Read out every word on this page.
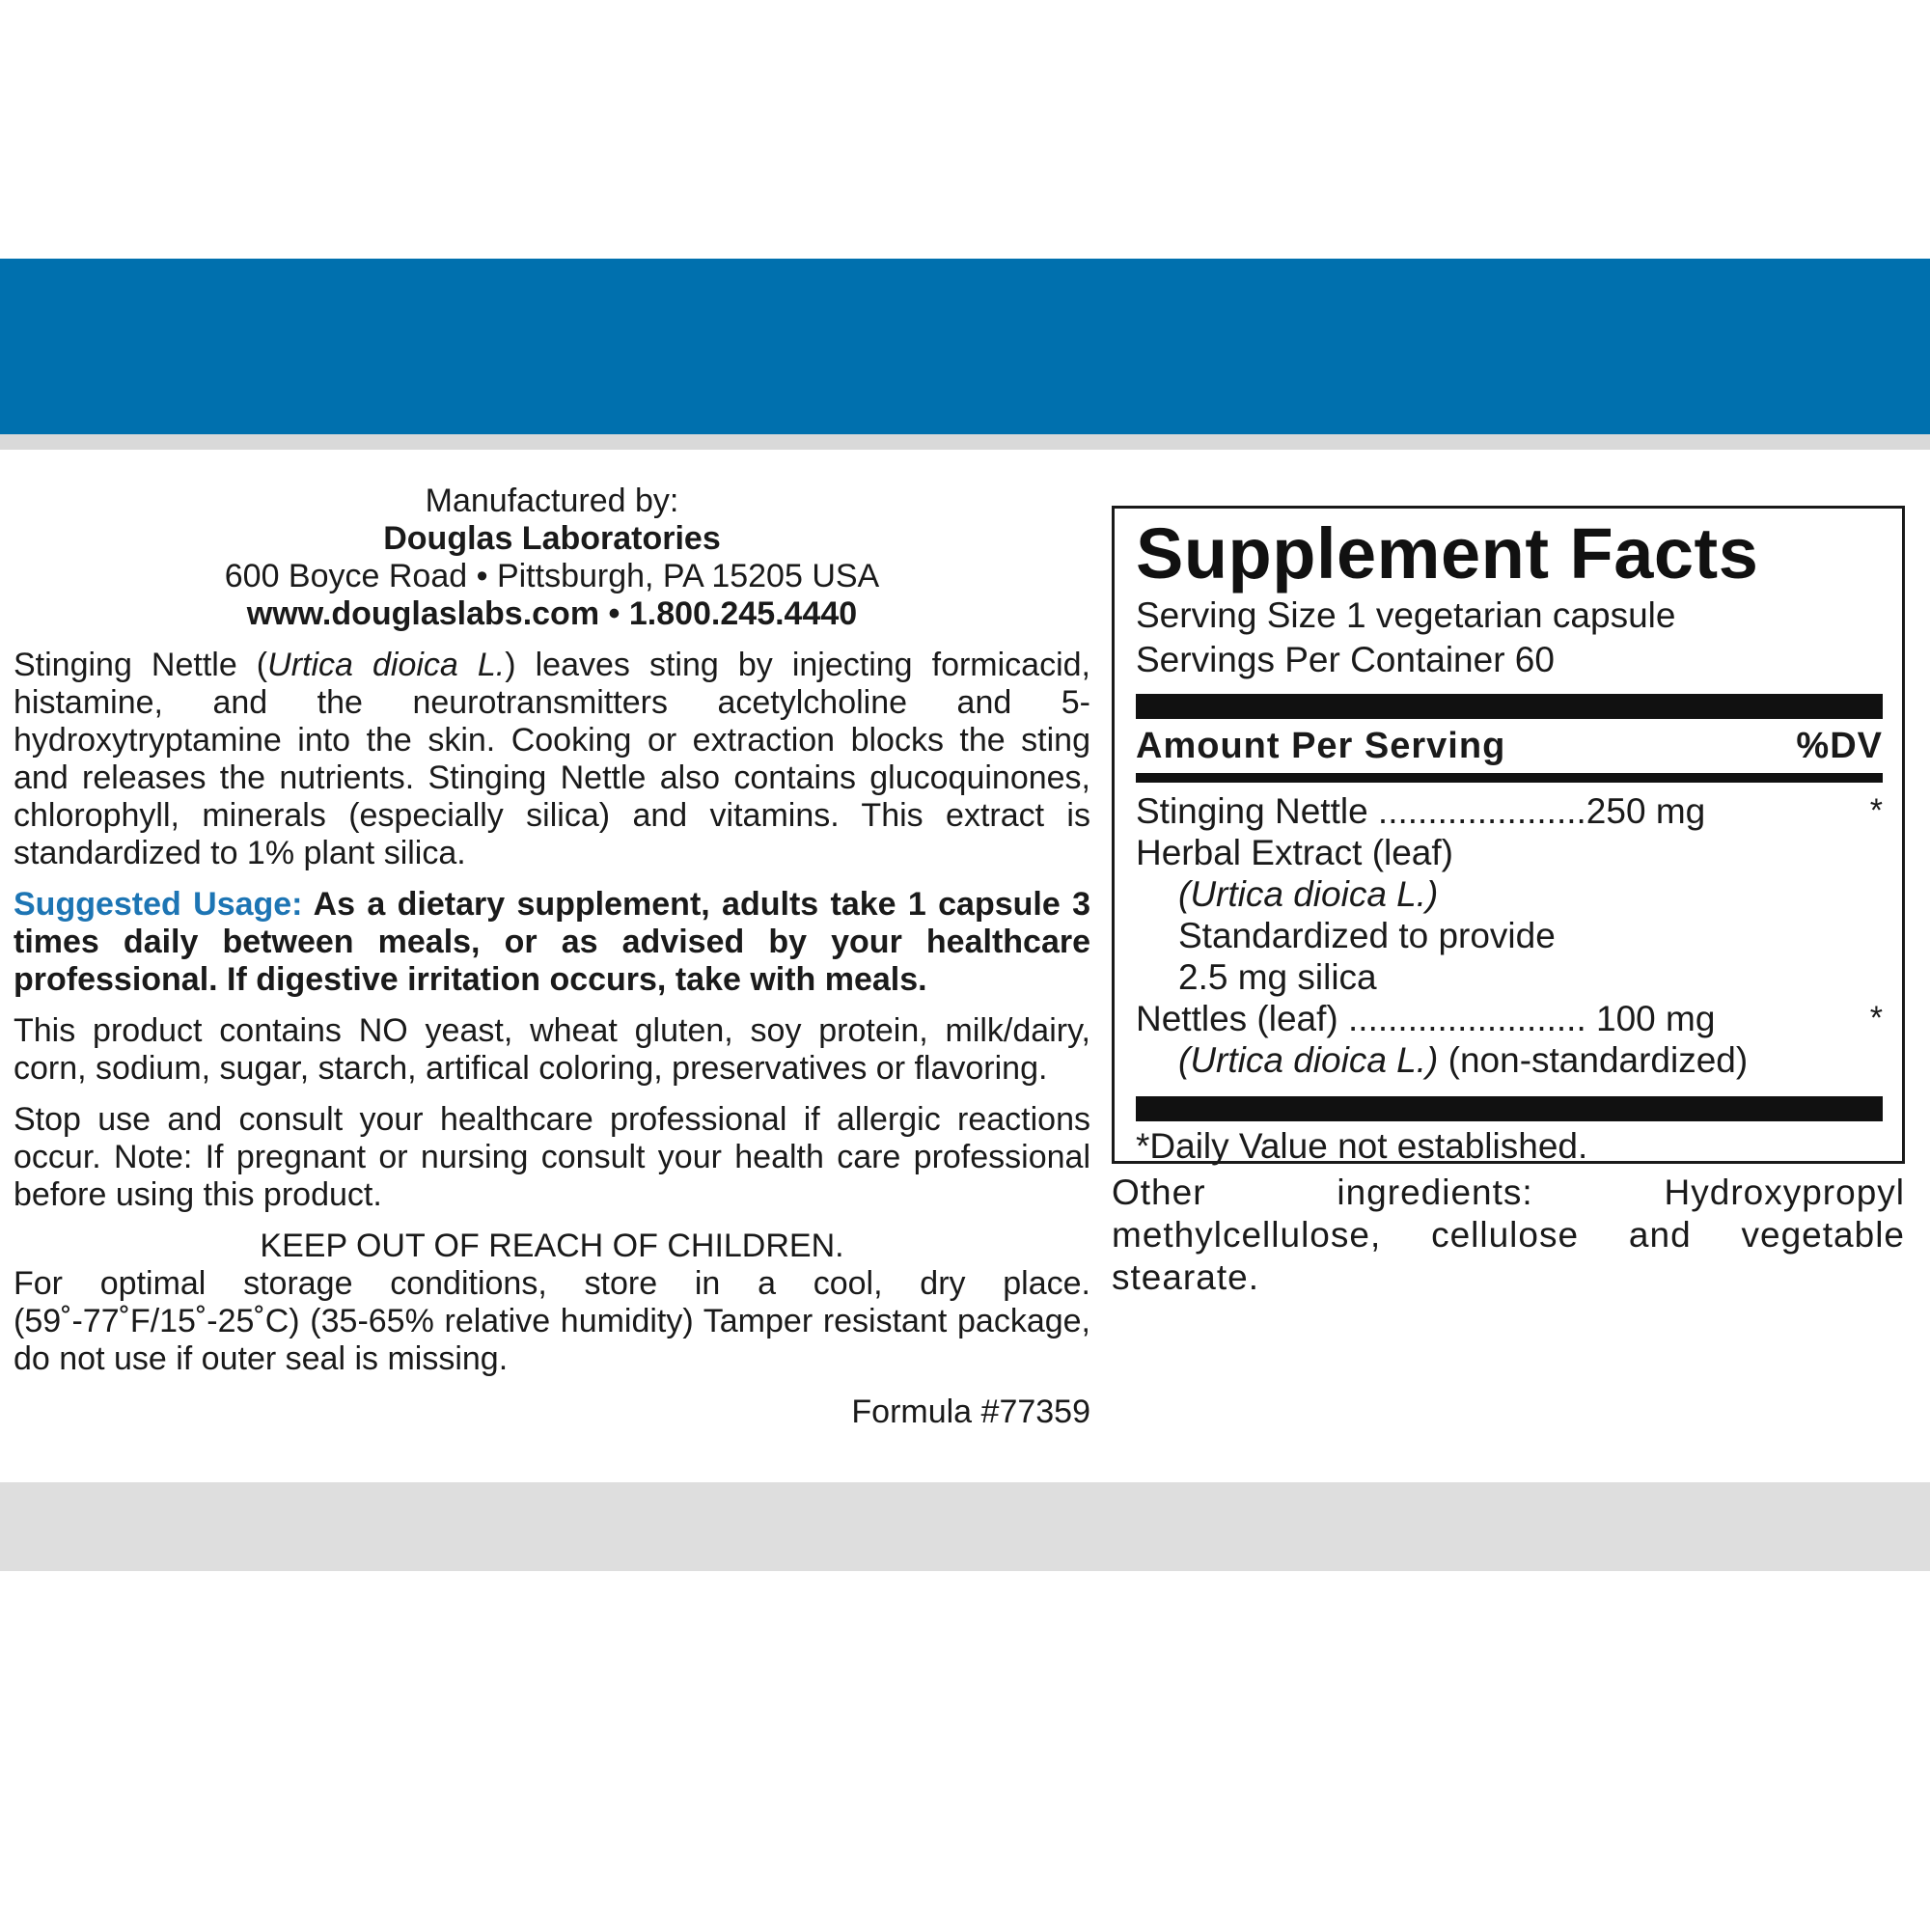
Manufactured by:
Douglas Laboratories
600 Boyce Road • Pittsburgh, PA 15205 USA
www.douglaslabs.com • 1.800.245.4440

Stinging Nettle (Urtica dioica L.) leaves sting by injecting formicacid, histamine, and the neurotransmitters acetylcholine and 5-hydroxytryptamine into the skin. Cooking or extraction blocks the sting and releases the nutrients. Stinging Nettle also contains glucoquinones, chlorophyll, minerals (especially silica) and vitamins. This extract is standardized to 1% plant silica.

Suggested Usage: As a dietary supplement, adults take 1 capsule 3 times daily between meals, or as advised by your healthcare professional. If digestive irritation occurs, take with meals.

This product contains NO yeast, wheat gluten, soy protein, milk/dairy, corn, sodium, sugar, starch, artifical coloring, preservatives or flavoring.

Stop use and consult your healthcare professional if allergic reactions occur. Note: If pregnant or nursing consult your health care professional before using this product.

KEEP OUT OF REACH OF CHILDREN.

For optimal storage conditions, store in a cool, dry place. (59˚-77˚F/15˚-25˚C) (35-65% relative humidity) Tamper resistant package, do not use if outer seal is missing.

Formula #77359

Supplement Facts
Serving Size 1 vegetarian capsule
Servings Per Container 60
Amount Per Serving	%DV
Stinging Nettle .....................250 mg	*
Herbal Extract (leaf)
(Urtica dioica L.)
Standardized to provide
2.5 mg silica
Nettles (leaf) ........................ 100 mg	*
(Urtica dioica L.) (non-standardized)
*Daily Value not established.

Other ingredients: Hydroxypropyl methylcellulose, cellulose and vegetable stearate.
